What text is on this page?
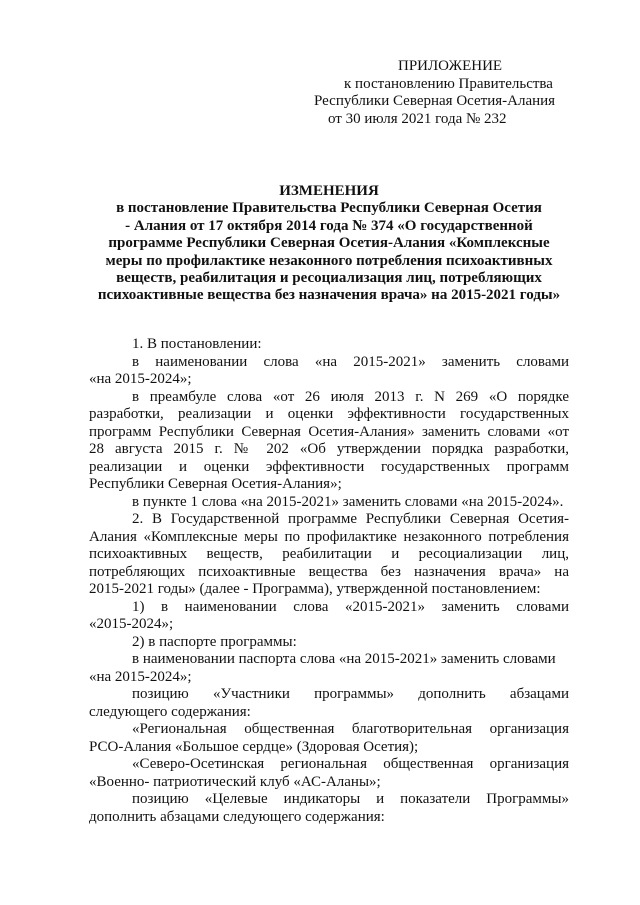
ПРИЛОЖЕНИЕ
к постановлению Правительства
Республики Северная Осетия-Алания
от 30 июля 2021 года № 232
ИЗМЕНЕНИЯ
в постановление Правительства Республики Северная Осетия
- Алания от 17 октября 2014 года № 374 «О государственной
программе Республики Северная Осетия-Алания «Комплексные
меры по профилактике незаконного потребления психоактивных
веществ, реабилитация и ресоциализация лиц, потребляющих
психоактивные вещества без назначения врача» на 2015-2021 годы»
1. В постановлении:
в наименовании слова «на 2015-2021» заменить словами
«на 2015-2024»;
в преамбуле слова «от 26 июля 2013 г. N 269 «О порядке
разработки, реализации и оценки эффективности государственных
программ Республики Северная Осетия-Алания» заменить словами «от
28 августа 2015 г. № 202 «Об утверждении порядка разработки,
реализации и оценки эффективности государственных программ
Республики Северная Осетия-Алания»;
в пункте 1 слова «на 2015-2021» заменить словами «на 2015-2024».
2. В Государственной программе Республики Северная Осетия-
Алания «Комплексные меры по профилактике незаконного потребления
психоактивных веществ, реабилитации и ресоциализации лиц,
потребляющих психоактивные вещества без назначения врача» на
2015-2021 годы» (далее - Программа), утвержденной постановлением:
1) в наименовании слова «2015-2021» заменить словами
«2015-2024»;
2) в паспорте программы:
в наименовании паспорта слова «на 2015-2021» заменить словами
«на 2015-2024»;
позицию «Участники программы» дополнить абзацами
следующего содержания:
«Региональная общественная благотворительная организация
РСО-Алания «Большое сердце» (Здоровая Осетия);
«Северо-Осетинская региональная общественная организация
«Военно- патриотический клуб «АС-Аланы»;
позицию «Целевые индикаторы и показатели Программы»
дополнить абзацами следующего содержания:
